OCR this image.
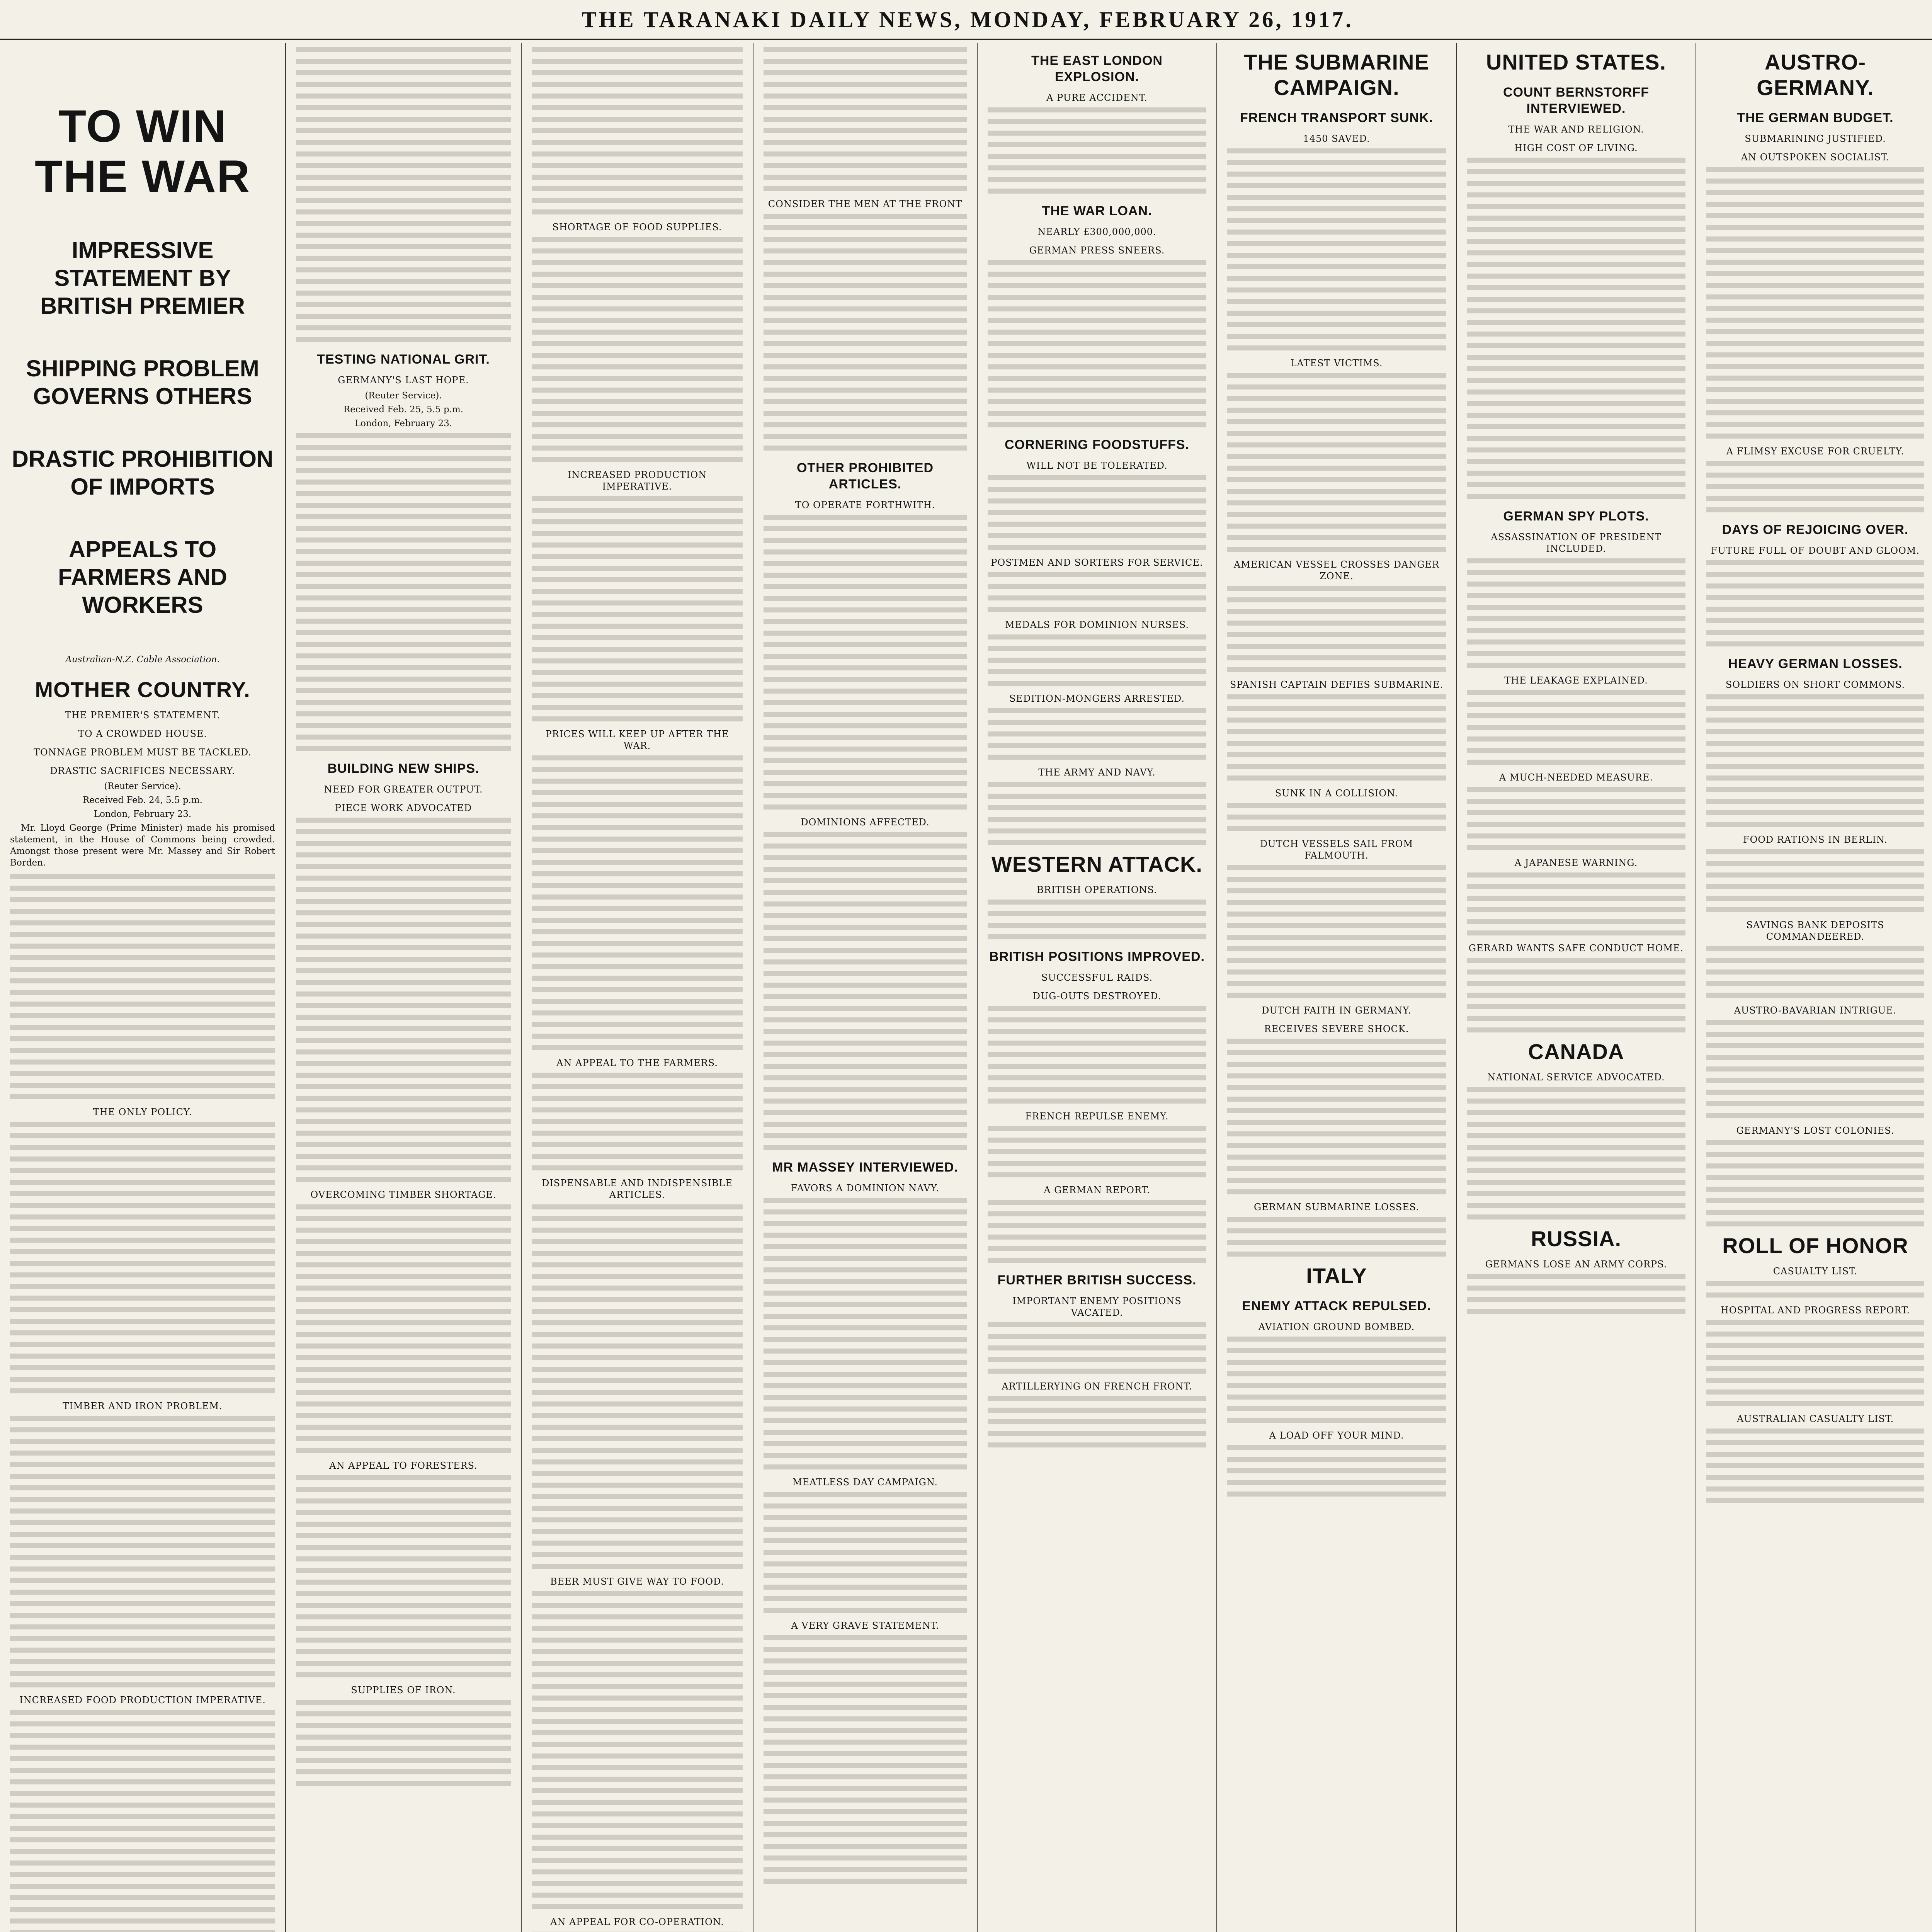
THE TARANAKI DAILY NEWS, MONDAY, FEBRUARY 26, 1917.
TO WIN THE WAR
IMPRESSIVE STATEMENT BY BRITISH PREMIER
SHIPPING PROBLEM GOVERNS OTHERS
DRASTIC PROHIBITION OF IMPORTS
APPEALS TO FARMERS AND WORKERS
Australian-N.Z. Cable Association.
MOTHER COUNTRY.
THE PREMIER'S STATEMENT.
TO A CROWDED HOUSE.
TONNAGE PROBLEM MUST BE TACKLED.
DRASTIC SACRIFICES NECESSARY.
(Reuter Service).
Received Feb. 24, 5.5 p.m.
London, February 23.

Mr. Lloyd George (Prime Minister) made his promised statement, in the House of Commons being crowded. Amongst those present were Mr. Massey and Sir Robert Borden.

THE ONLY POLICY.
TIMBER AND IRON PROBLEM.
INCREASED FOOD PRODUCTION IMPERATIVE.
TESTING NATIONAL GRIT.
GERMANY'S LAST HOPE.
(Reuter Service).
Received Feb. 25, 5.5 p.m.
London, February 23.
BUILDING NEW SHIPS.
NEED FOR GREATER OUTPUT.
PIECE WORK ADVOCATED
OVERCOMING TIMBER SHORTAGE.
AN APPEAL TO FORESTERS.
SUPPLIES OF IRON.
SHORTAGE OF FOOD SUPPLIES.
INCREASED PRODUCTION IMPERATIVE.
PRICES WILL KEEP UP AFTER THE WAR.
AN APPEAL TO THE FARMERS.
DISPENSABLE AND INDISPENSIBLE ARTICLES.
BEER MUST GIVE WAY TO FOOD.
AN APPEAL FOR CO-OPERATION.
CONSIDER THE MEN AT THE FRONT
OTHER PROHIBITED ARTICLES.
TO OPERATE FORTHWITH.
DOMINIONS AFFECTED.
MR MASSEY INTERVIEWED.
FAVORS A DOMINION NAVY.
MEATLESS DAY CAMPAIGN.
A VERY GRAVE STATEMENT.
THE EAST LONDON EXPLOSION.
A PURE ACCIDENT.
THE WAR LOAN.
NEARLY £300,000,000.
GERMAN PRESS SNEERS.
CORNERING FOODSTUFFS.
WILL NOT BE TOLERATED.
POSTMEN AND SORTERS FOR SERVICE.
MEDALS FOR DOMINION NURSES.
SEDITION-MONGERS ARRESTED.
THE ARMY AND NAVY.
WESTERN ATTACK.
BRITISH OPERATIONS.
BRITISH POSITIONS IMPROVED.
SUCCESSFUL RAIDS.
DUG-OUTS DESTROYED.
FRENCH REPULSE ENEMY.
A GERMAN REPORT.
FURTHER BRITISH SUCCESS.
IMPORTANT ENEMY POSITIONS VACATED.
ARTILLERYING ON FRENCH FRONT.
THE SUBMARINE CAMPAIGN.
FRENCH TRANSPORT SUNK.
1450 SAVED.
LATEST VICTIMS.
AMERICAN VESSEL CROSSES DANGER ZONE.
SPANISH CAPTAIN DEFIES SUBMARINE.
SUNK IN A COLLISION.
DUTCH VESSELS SAIL FROM FALMOUTH.
DUTCH FAITH IN GERMANY.
RECEIVES SEVERE SHOCK.
GERMAN SUBMARINE LOSSES.
ITALY
ENEMY ATTACK REPULSED.
AVIATION GROUND BOMBED.
A LOAD OFF YOUR MIND.
UNITED STATES.
COUNT BERNSTORFF INTERVIEWED.
THE WAR AND RELIGION.
HIGH COST OF LIVING.
GERMAN SPY PLOTS.
ASSASSINATION OF PRESIDENT INCLUDED.
THE LEAKAGE EXPLAINED.
A MUCH-NEEDED MEASURE.
A JAPANESE WARNING.
GERARD WANTS SAFE CONDUCT HOME.
CANADA
NATIONAL SERVICE ADVOCATED.
RUSSIA.
GERMANS LOSE AN ARMY CORPS.
AUSTRO-GERMANY.
THE GERMAN BUDGET.
SUBMARINING JUSTIFIED.
AN OUTSPOKEN SOCIALIST.
A FLIMSY EXCUSE FOR CRUELTY.
DAYS OF REJOICING OVER.
FUTURE FULL OF DOUBT AND GLOOM.
HEAVY GERMAN LOSSES.
SOLDIERS ON SHORT COMMONS.
FOOD RATIONS IN BERLIN.
SAVINGS BANK DEPOSITS COMMANDEERED.
AUSTRO-BAVARIAN INTRIGUE.
GERMANY'S LOST COLONIES.
ROLL OF HONOR
CASUALTY LIST.
HOSPITAL AND PROGRESS REPORT.
AUSTRALIAN CASUALTY LIST.
